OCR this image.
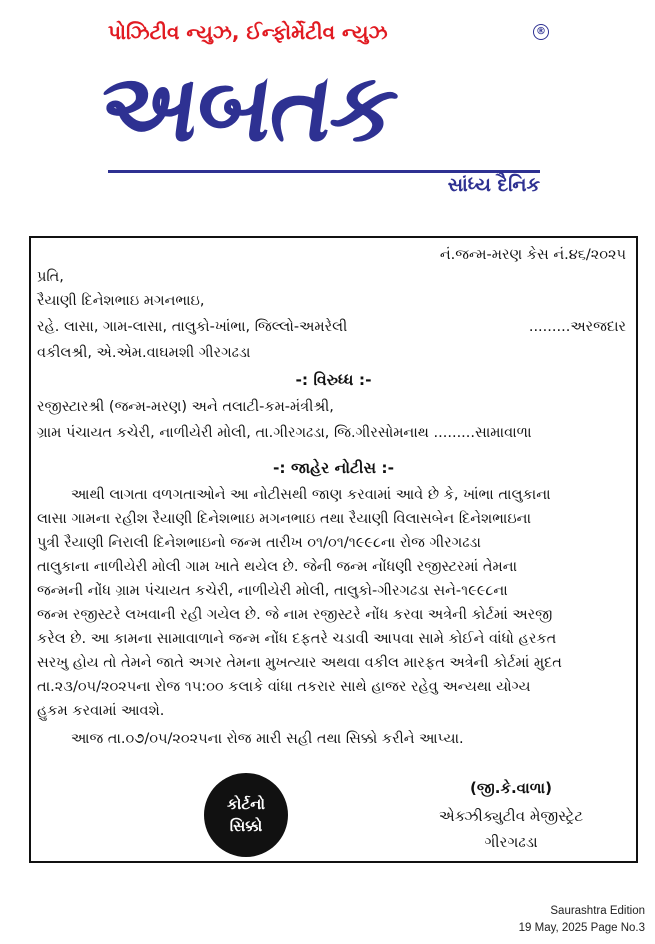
પોઝિટીવ ન્યુઝ, ઈન્ફોર્મેટીવ ન્યુઝ	®
અબતક
સાંધ્ય દૈનિક
નં.જન્મ-મરણ કેસ નં.૪૬/૨૦૨૫
પ્રતિ,
રૈયાણી દિનેશભાઇ મગનભાઇ,
રહે. લાસા, ગામ-લાસા, તાલુકો-ખાંભા, જિલ્લો-અમરેલી	.........અરજદાર
વકીલશ્રી, એ.એમ.વાઘમશી ગીરગઢડા
-: વિરુધ્ધ :-
રજીસ્ટારશ્રી (જન્મ-મરણ) અને તલાટી-કમ-મંત્રીશ્રી,
ગ્રામ પંચાયત કચેરી, નાળીયેરી મોલી, તા.ગીરગઢડા, જિ.ગીરસોમનાથ .........સામાવાળા
-: જાહેર નોટીસ :-
આથી લાગતા વળગતાઓને આ નોટીસથી જાણ કરવામાં આવે છે કે, ખાંભા તાલુકાના
લાસા ગામના રહીશ રૈયાણી દિનેશભાઇ મગનભાઇ તથા રૈયાણી વિલાસબેન દિનેશભાઇના
પુત્રી રૈયાણી નિરાલી દિનેશભાઇનો જન્મ તારીખ ૦૧/૦૧/૧૯૯૮ના રોજ ગીરગઢડા
તાલુકાના નાળીયેરી મોલી ગામ ખાતે થયેલ છે. જેની જન્મ નોંધણી રજીસ્ટરમાં તેમના
જન્મની નોંધ ગ્રામ પંચાયત કચેરી, નાળીયેરી મોલી, તાલુકો-ગીરગઢડા સને-૧૯૯૮ના
જન્મ રજીસ્ટરે લખવાની રહી ગયેલ છે. જે નામ રજીસ્ટરે નોંધ કરવા અત્રેની કોર્ટમાં અરજી
કરેલ છે. આ કામના સામાવાળાને જન્મ નોંધ દફતરે ચડાવી આપવા સામે કોઈને વાંધો હરકત
સરખુ હોય તો તેમને જાતે અગર તેમના મુખત્યાર અથવા વકીલ મારફત અત્રેની કોર્ટમાં મુદત
તા.૨૩/૦૫/૨૦૨૫ના રોજ ૧૫:૦૦ કલાકે વાંધા તકરાર સાથે હાજર રહેવુ અન્યથા યોગ્ય
હુકમ કરવામાં આવશે.
આજ તા.૦૭/૦૫/૨૦૨૫ના રોજ મારી સહી તથા સિક્કો કરીને આપ્યા.
કોર્ટનો
સિક્કો
(જી.કે.વાળા)
એક્ઝીક્યુટીવ મેજીસ્ટ્રેટ
ગીરગઢડા
Saurashtra Edition
19 May, 2025 Page No.3
